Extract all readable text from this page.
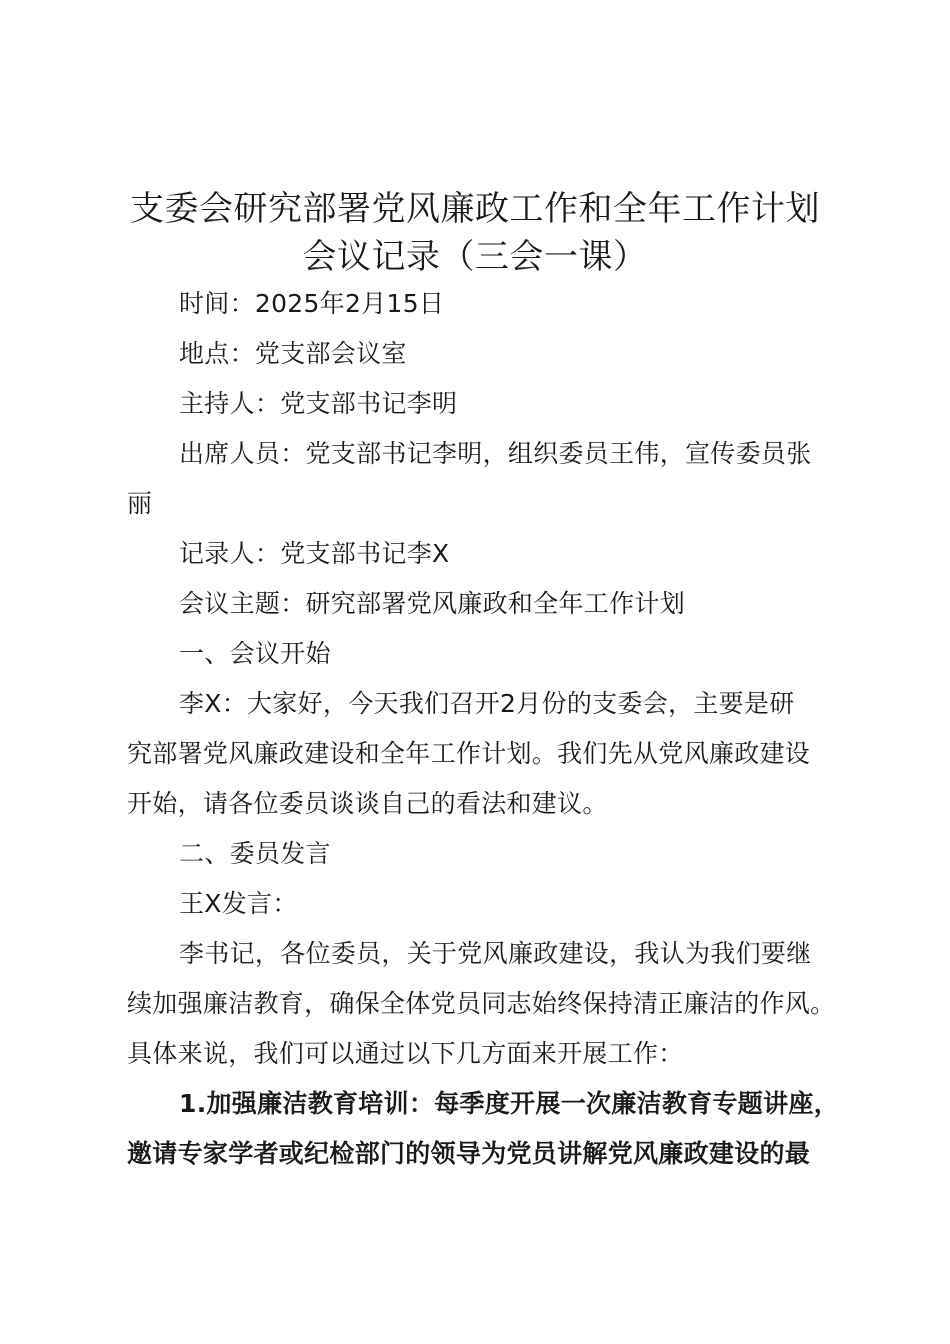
支委会研究部署党风廉政工作和全年工作计划
会议记录（三会一课）

时间：2025年2月15日

地点：党支部会议室

主持人：党支部书记李明

出席人员：党支部书记李明，组织委员王伟，宣传委员张

丽

记录人：党支部书记李X

会议主题：研究部署党风廉政和全年工作计划

一、会议开始

李X：大家好，今天我们召开2月份的支委会，主要是研

究部署党风廉政建设和全年工作计划。我们先从党风廉政建设

开始，请各位委员谈谈自己的看法和建议。

二、委员发言

王X发言：

李书记，各位委员，关于党风廉政建设，我认为我们要继

续加强廉洁教育，确保全体党员同志始终保持清正廉洁的作风。

具体来说，我们可以通过以下几方面来开展工作：

1.加强廉洁教育培训：每季度开展一次廉洁教育专题讲座，

邀请专家学者或纪检部门的领导为党员讲解党风廉政建设的最
